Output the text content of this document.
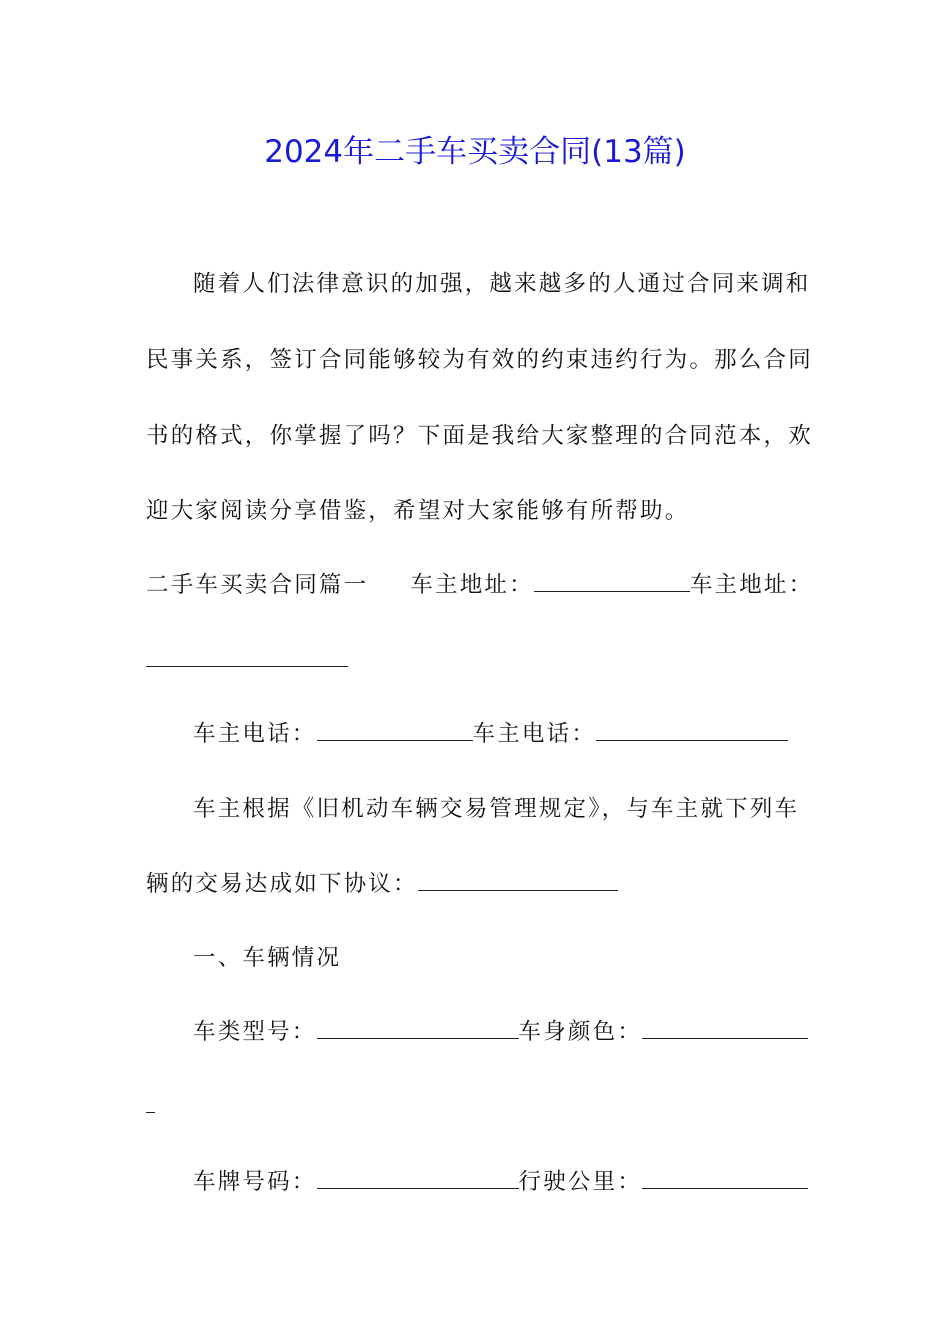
2024年二手车买卖合同(13篇)
随着人们法律意识的加强，越来越多的人通过合同来调和
民事关系，签订合同能够较为有效的约束违约行为。那么合同
书的格式，你掌握了吗？下面是我给大家整理的合同范本，欢
迎大家阅读分享借鉴，希望对大家能够有所帮助。
二手车买卖合同篇一 车主地址：	车主地址：
车主电话：	车主电话：
车主根据《旧机动车辆交易管理规定》，与车主就下列车
辆的交易达成如下协议：
一、车辆情况
车类型号：	车身颜色：
车牌号码：	行驶公里：
